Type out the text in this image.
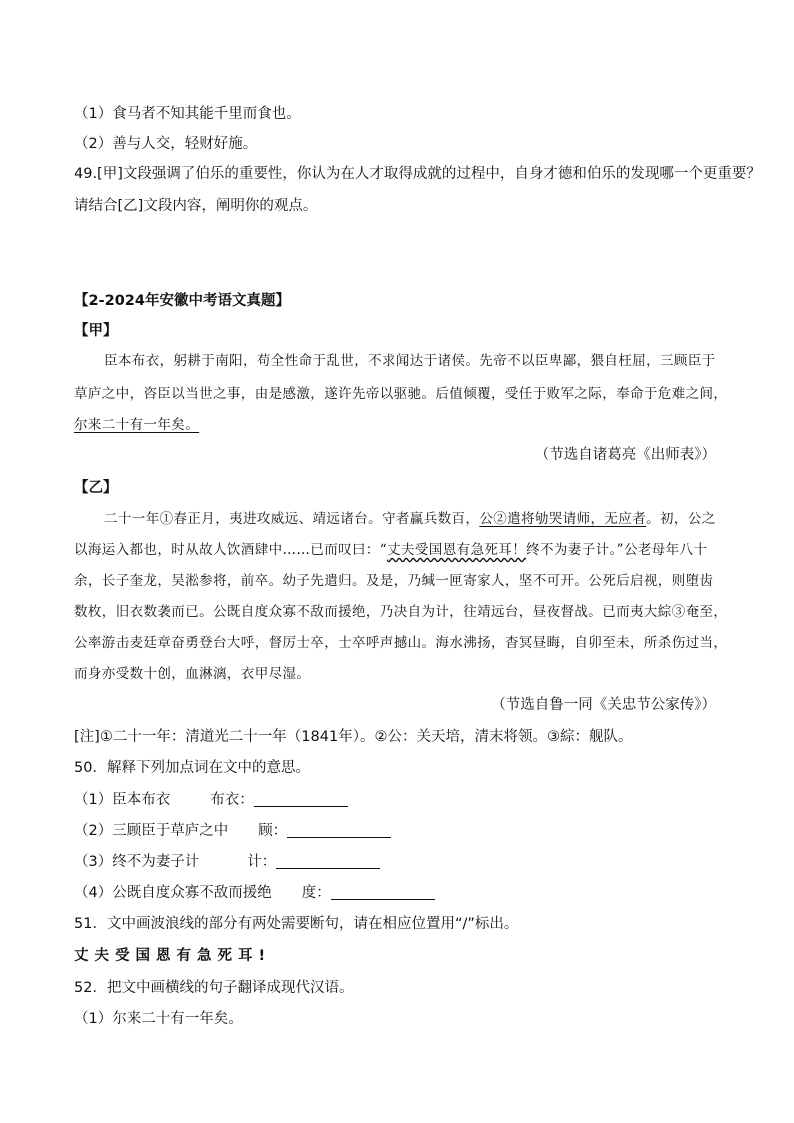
（1）食马者不知其能千里而食也。
（2）善与人交，轻财好施。
49.[甲]文段强调了伯乐的重要性，你认为在人才取得成就的过程中，自身才德和伯乐的发现哪一个更重要？
请结合[乙]文段内容，阐明你的观点。
【2-2024年安徽中考语文真题】
【甲】
臣本布衣，躬耕于南阳，苟全性命于乱世，不求闻达于诸侯。先帝不以臣卑鄙，猥自枉屈，三顾臣于
草庐之中，咨臣以当世之事，由是感激，遂许先帝以驱驰。后值倾覆，受任于败军之际，奉命于危难之间，
尔来二十有一年矣。
（节选自诸葛亮《出师表》）
【乙】
二十一年①春正月，夷进攻威远、靖远诸台。守者赢兵数百，公②遣将劬哭请师，无应者。初，公之
以海运入都也，时从故人饮酒肆中……已而叹曰：“丈夫受国恩有急死耳！终不为妻子计。”公老母年八十
余，长子奎龙，吴淞参将，前卒。幼子先遣归。及是，乃缄一匣寄家人，坚不可开。公死后启视，则堕齿
数枚，旧衣数袭而已。公既自度众寡不敌而援绝，乃决自为计，往靖远台，昼夜督战。已而夷大綜③奄至，
公率游击麦廷章奋勇登台大呼，督厉士卒，士卒呼声撼山。海水沸扬，杳冥昼晦，自卯至未，所杀伤过当，
而身亦受数十创，血淋漓，衣甲尽湿。
（节选自鲁一同《关忠节公家传》）
[注]①二十一年：清道光二十一年（1841年）。②公：关天培，清末将领。③綜：舰队。
50．解释下列加点词在文中的意思。
（1）臣本布衣	布衣：
（2）三顾臣于草庐之中 顾：
（3）终不为妻子计	计：
（4）公既自度众寡不敌而援绝 度：
51．文中画波浪线的部分有两处需要断句，请在相应位置用“/”标出。
丈夫受国恩有急死耳!
52．把文中画横线的句子翻译成现代汉语。
（1）尔来二十有一年矣。
